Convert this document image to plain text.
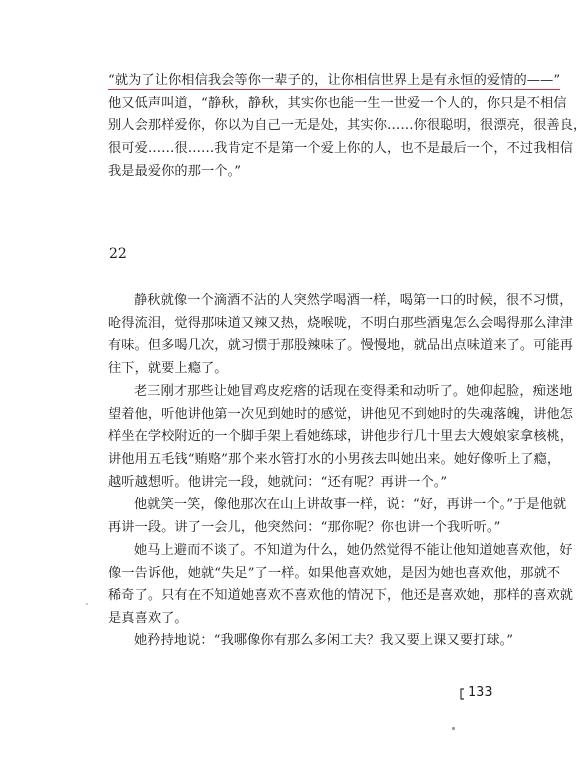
“就为了让你相信我会等你一辈子的，让你相信世界上是有永恒的爱情的——”
他又低声叫道，“静秋，静秋，其实你也能一生一世爱一个人的，你只是不相信
别人会那样爱你，你以为自己一无是处，其实你……你很聪明，很漂亮，很善良，
很可爱……很……我肯定不是第一个爱上你的人，也不是最后一个，不过我相信
我是最爱你的那一个。”
22
静秋就像一个滴酒不沾的人突然学喝酒一样，喝第一口的时候，很不习惯，
呛得流泪，觉得那味道又辣又热，烧喉咙，不明白那些酒鬼怎么会喝得那么津津
有味。但多喝几次，就习惯于那股辣味了。慢慢地，就品出点味道来了。可能再
往下，就要上瘾了。
老三刚才那些让她冒鸡皮疙瘩的话现在变得柔和动听了。她仰起脸，痴迷地
望着他，听他讲他第一次见到她时的感觉，讲他见不到她时的失魂落魄，讲他怎
样坐在学校附近的一个脚手架上看她练球，讲他步行几十里去大嫂娘家拿核桃，
讲他用五毛钱“贿赂”那个来水管打水的小男孩去叫她出来。她好像听上了瘾，
越听越想听。他讲完一段，她就问：“还有呢？再讲一个。”
他就笑一笑，像他那次在山上讲故事一样，说：“好，再讲一个。”于是他就
再讲一段。讲了一会儿，他突然问：“那你呢？你也讲一个我听听。”
她马上避而不谈了。不知道为什么，她仍然觉得不能让他知道她喜欢他，好
像一告诉他，她就“失足”了一样。如果他喜欢她，是因为她也喜欢他，那就不
稀奇了。只有在不知道她喜欢不喜欢他的情况下，他还是喜欢她，那样的喜欢就
是真喜欢了。
她矜持地说：“我哪像你有那么多闲工夫？我又要上课又要打球。”
133
